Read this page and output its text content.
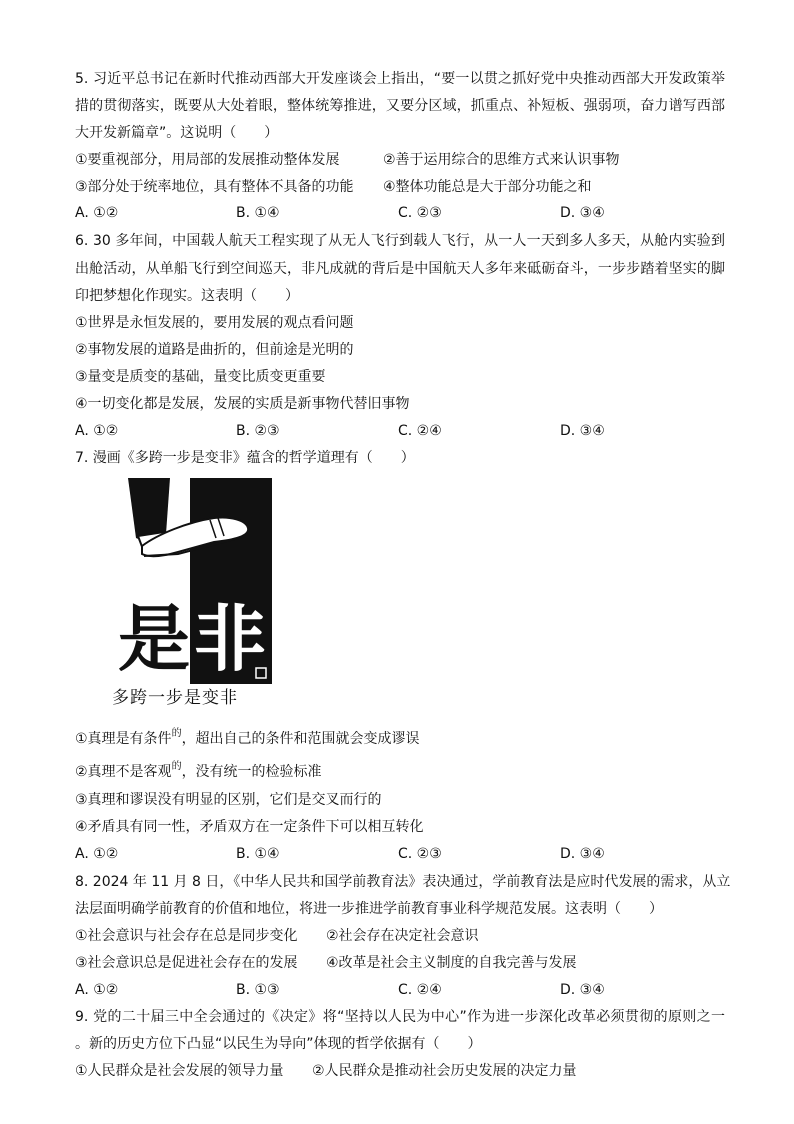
5. 习近平总书记在新时代推动西部大开发座谈会上指出，“要一以贯之抓好党中央推动西部大开发政策举
措的贯彻落实，既要从大处着眼，整体统筹推进，又要分区域，抓重点、补短板、强弱项，奋力谱写西部
大开发新篇章”。这说明（　　）
①要重视部分，用局部的发展推动整体发展	②善于运用综合的思维方式来认识事物
③部分处于统率地位，具有整体不具备的功能 ④整体功能总是大于部分功能之和
A. ①②	B. ①④	C. ②③	D. ③④
6. 30 多年间，中国载人航天工程实现了从无人飞行到载人飞行，从一人一天到多人多天，从舱内实验到
出舱活动，从单船飞行到空间巡天，非凡成就的背后是中国航天人多年来砥砺奋斗，一步步踏着坚实的脚
印把梦想化作现实。这表明（　　）
①世界是永恒发展的，要用发展的观点看问题
②事物发展的道路是曲折的，但前途是光明的
③量变是质变的基础，量变比质变更重要
④一切变化都是发展，发展的实质是新事物代替旧事物
A. ①②	B. ②③	C. ②④	D. ③④
7. 漫画《多跨一步是变非》蕴含的哲学道理有（　　）
是 非
多跨一步是变非
①真理是有条件$^的$，超出自己的条件和范围就会变成谬误
②真理不是客观$^的$，没有统一的检验标准
③真理和谬误没有明显的区别，它们是交叉而行的
④矛盾具有同一性，矛盾双方在一定条件下可以相互转化
A. ①②	B. ①④	C. ②③	D. ③④
8. 2024 年 11 月 8 日，《中华人民共和国学前教育法》表决通过，学前教育法是应时代发展的需求，从立
法层面明确学前教育的价值和地位，将进一步推进学前教育事业科学规范发展。这表明（　　）
①社会意识与社会存在总是同步变化 ②社会存在决定社会意识
③社会意识总是促进社会存在的发展 ④改革是社会主义制度的自我完善与发展
A. ①②	B. ①③	C. ②④	D. ③④
9. 党的二十届三中全会通过的《决定》将“坚持以人民为中心”作为进一步深化改革必须贯彻的原则之一
。新的历史方位下凸显“以民生为导向”体现的哲学依据有（　　）
①人民群众是社会发展的领导力量 ②人民群众是推动社会历史发展的决定力量
